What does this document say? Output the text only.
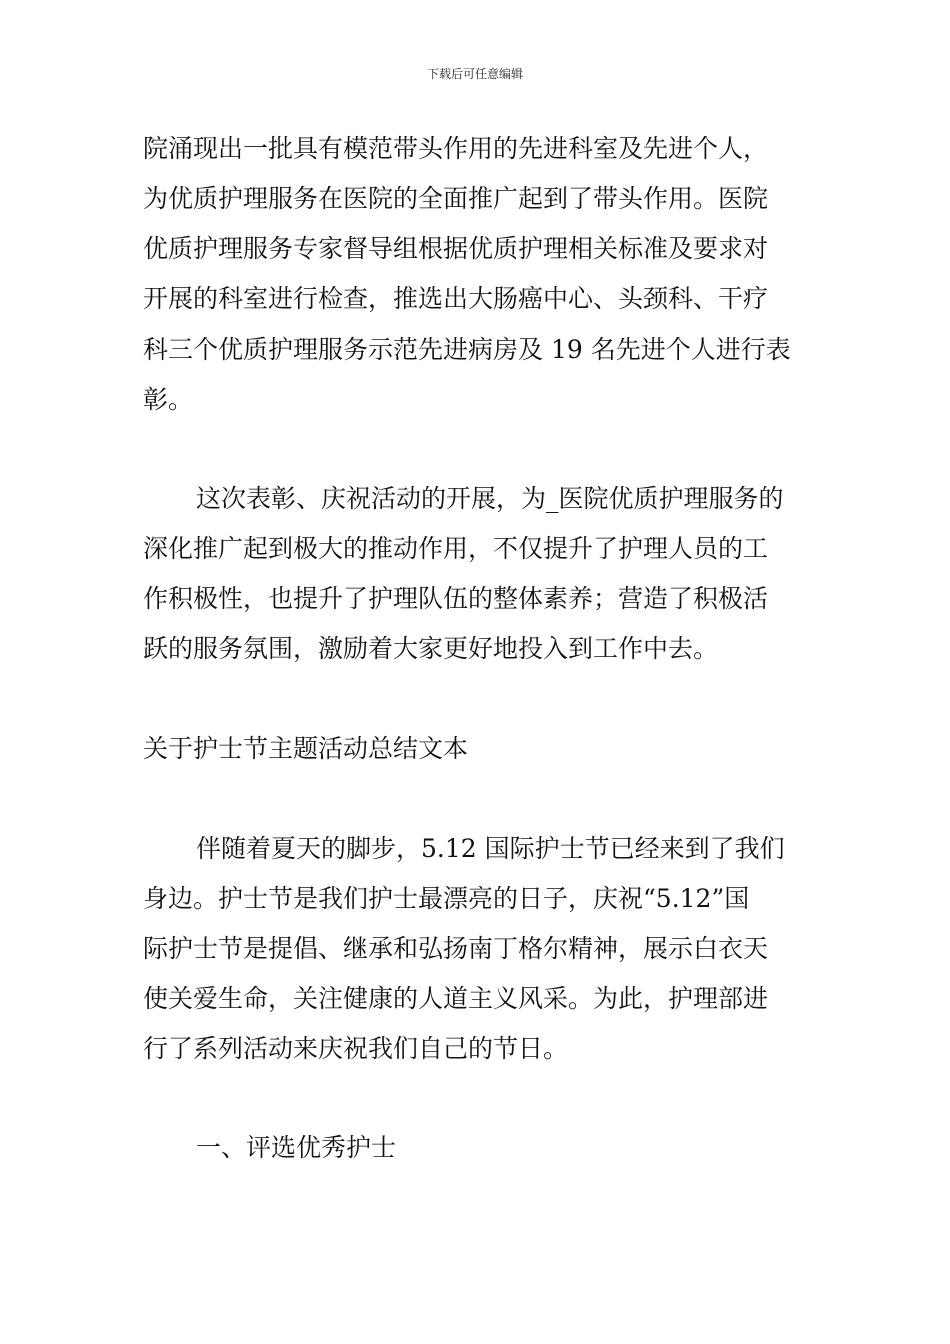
下载后可任意编辑
院涌现出一批具有模范带头作用的先进科室及先进个人，
为优质护理服务在医院的全面推广起到了带头作用。医院
优质护理服务专家督导组根据优质护理相关标准及要求对
开展的科室进行检查，推选出大肠癌中心、头颈科、干疗
科三个优质护理服务示范先进病房及 19 名先进个人进行表
彰。
这次表彰、庆祝活动的开展，为_医院优质护理服务的
深化推广起到极大的推动作用，不仅提升了护理人员的工
作积极性，也提升了护理队伍的整体素养；营造了积极活
跃的服务氛围，激励着大家更好地投入到工作中去。
关于护士节主题活动总结文本
伴随着夏天的脚步，5.12 国际护士节已经来到了我们
身边。护士节是我们护士最漂亮的日子，庆祝“5.12”国
际护士节是提倡、继承和弘扬南丁格尔精神，展示白衣天
使关爱生命，关注健康的人道主义风采。为此，护理部进
行了系列活动来庆祝我们自己的节日。
一、评选优秀护士
